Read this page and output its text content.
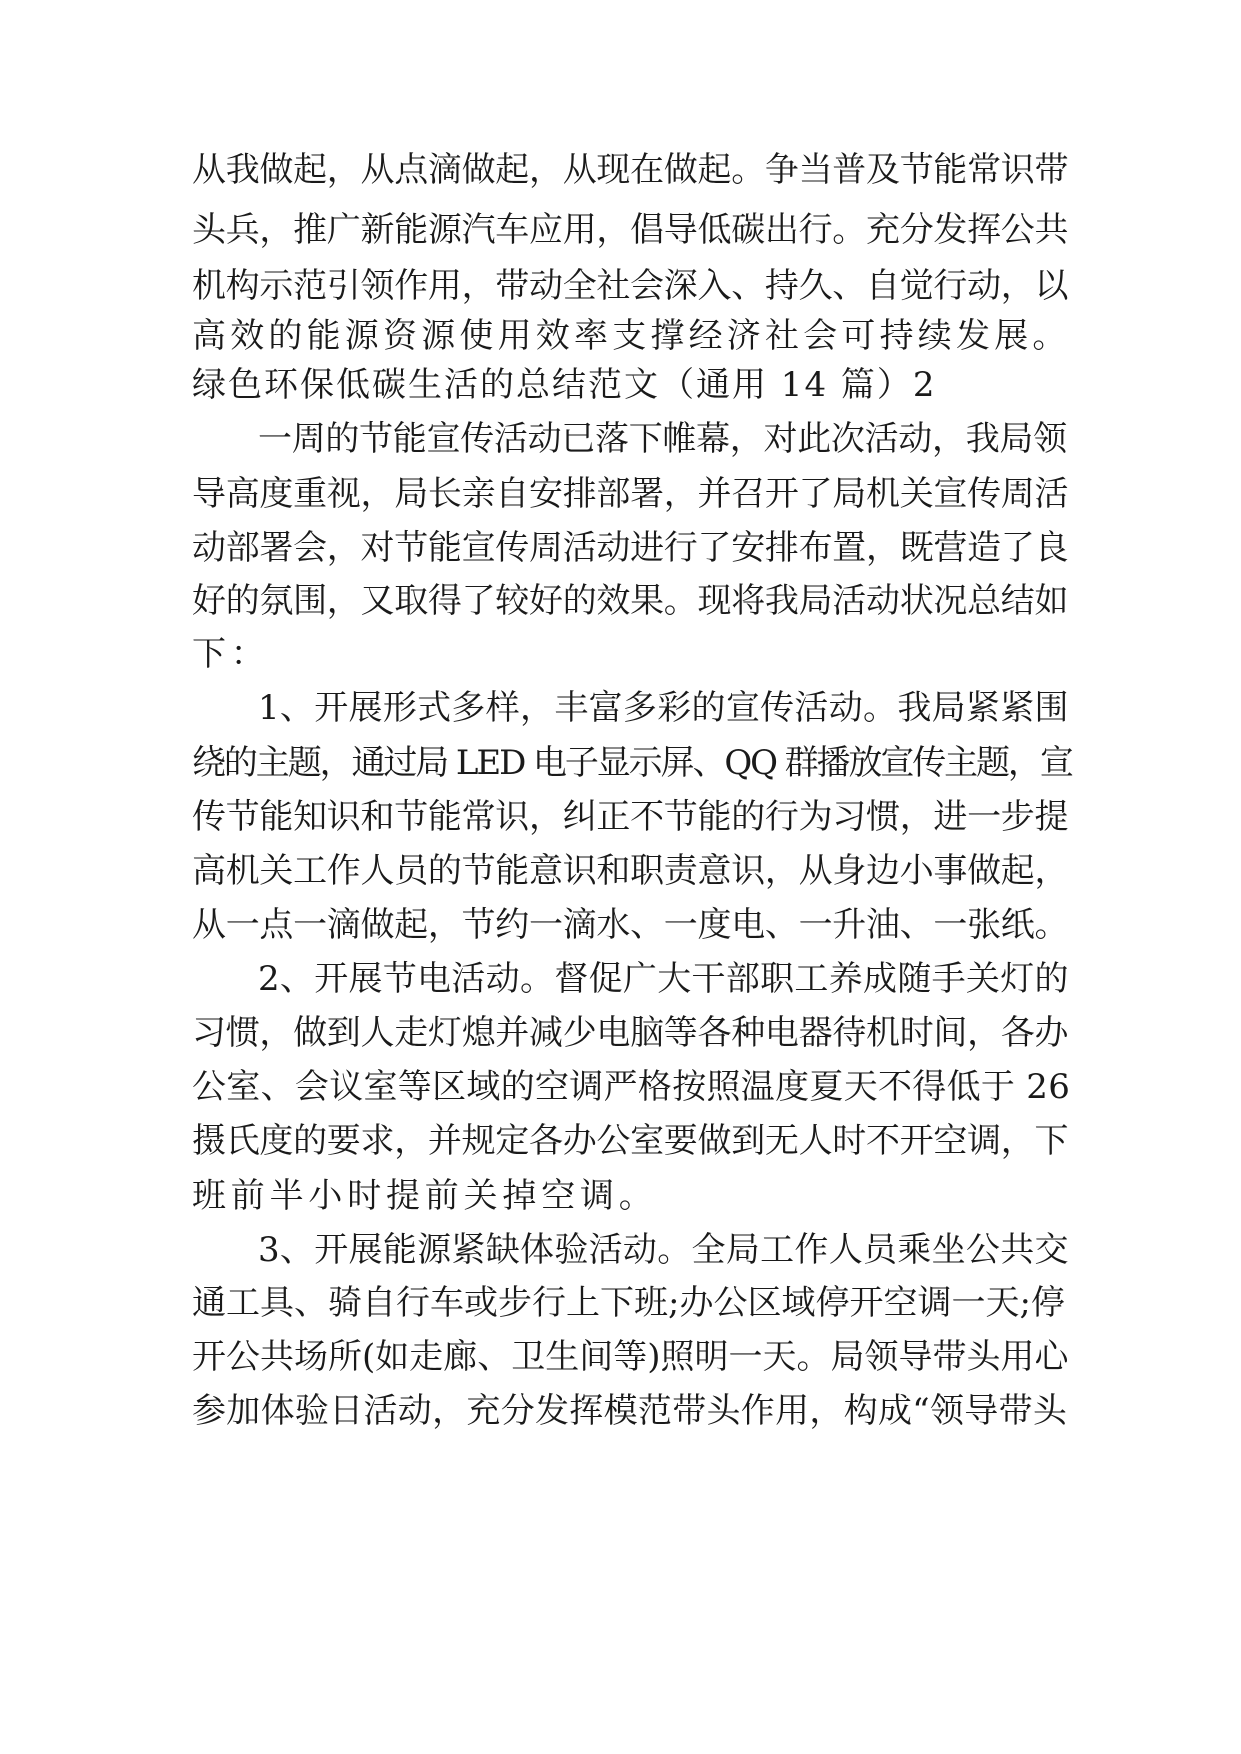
从我做起，从点滴做起，从现在做起。争当普及节能常识带
头兵，推广新能源汽车应用，倡导低碳出行。充分发挥公共
机构示范引领作用，带动全社会深入、持久、自觉行动，以
高效的能源资源使用效率支撑经济社会可持续发展。
绿色环保低碳生活的总结范文（通用 14 篇）2
一周的节能宣传活动已落下帷幕，对此次活动，我局领
导高度重视，局长亲自安排部署，并召开了局机关宣传周活
动部署会，对节能宣传周活动进行了安排布置，既营造了良
好的氛围，又取得了较好的效果。现将我局活动状况总结如
下：
1、开展形式多样，丰富多彩的宣传活动。我局紧紧围
绕的主题，通过局 LED 电子显示屏、QQ 群播放宣传主题，宣
传节能知识和节能常识，纠正不节能的行为习惯，进一步提
高机关工作人员的节能意识和职责意识，从身边小事做起，
从一点一滴做起，节约一滴水、一度电、一升油、一张纸。
2、开展节电活动。督促广大干部职工养成随手关灯的
习惯，做到人走灯熄并减少电脑等各种电器待机时间，各办
公室、会议室等区域的空调严格按照温度夏天不得低于 26
摄氏度的要求，并规定各办公室要做到无人时不开空调，下
班前半小时提前关掉空调。
3、开展能源紧缺体验活动。全局工作人员乘坐公共交
通工具、骑自行车或步行上下班;办公区域停开空调一天;停
开公共场所(如走廊、卫生间等)照明一天。局领导带头用心
参加体验日活动，充分发挥模范带头作用，构成“领导带头
